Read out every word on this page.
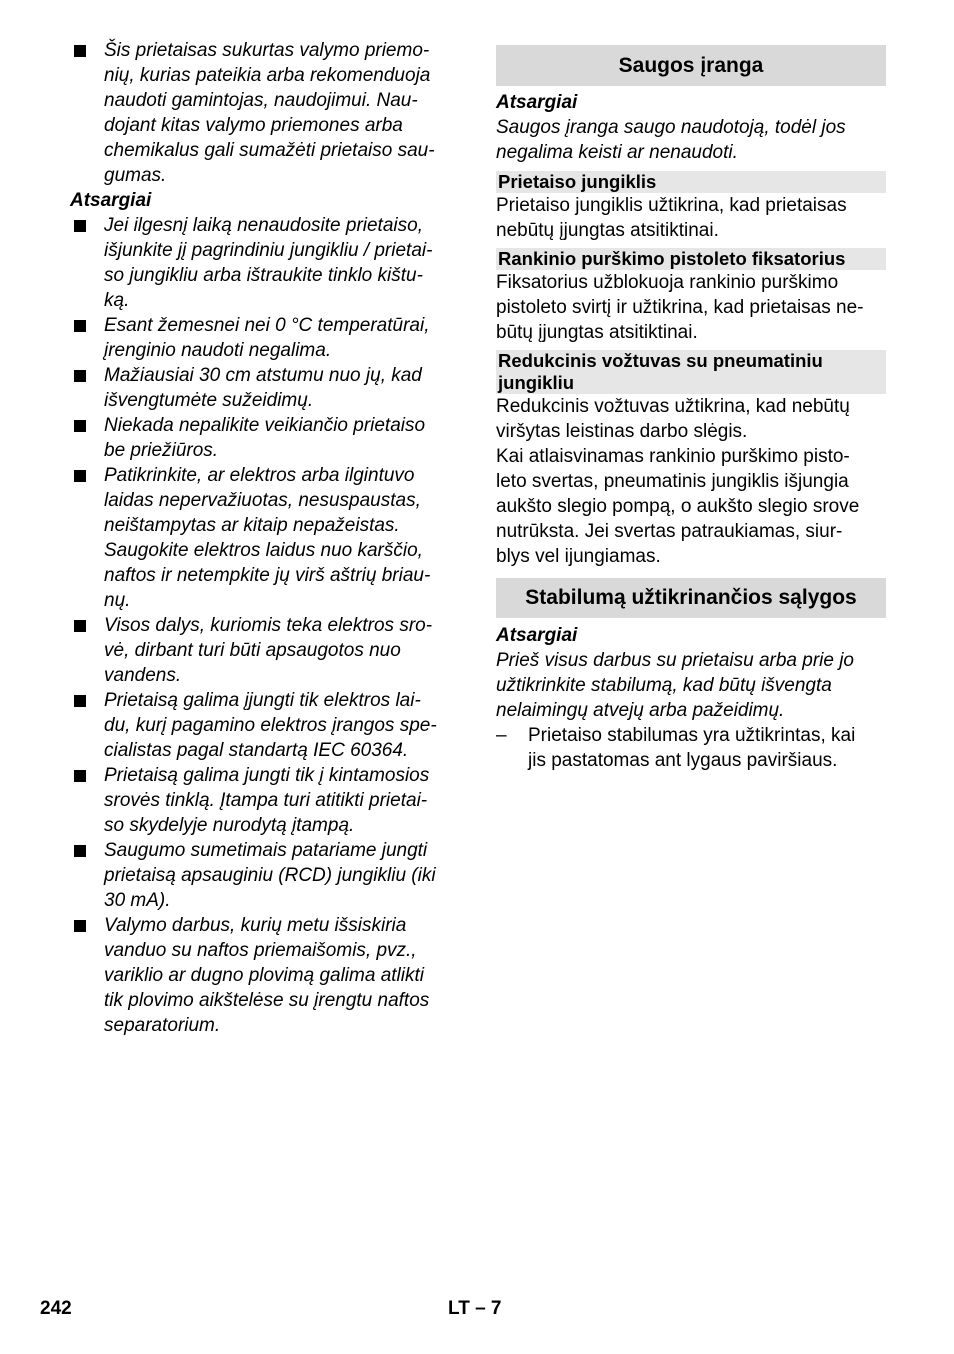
Šis prietaisas sukurtas valymo priemo-
nių, kurias pateikia arba rekomenduoja
naudoti gamintojas, naudojimui. Nau-
dojant kitas valymo priemones arba
chemikalus gali sumažėti prietaiso sau-
gumas.
Atsargiai
Jei ilgesnį laiką nenaudosite prietaiso,
išjunkite jį pagrindiniu jungikliu / prietai-
so jungikliu arba ištraukite tinklo kištu-
ką.
Esant žemesnei nei 0 °C temperatūrai,
įrenginio naudoti negalima.
Mažiausiai 30 cm atstumu nuo jų, kad
išvengtumėte sužeidimų.
Niekada nepalikite veikiančio prietaiso
be priežiūros.
Patikrinkite, ar elektros arba ilgintuvo
laidas nepervažiuotas, nesuspaustas,
neištampytas ar kitaip nepažeistas.
Saugokite elektros laidus nuo karščio,
naftos ir netempkite jų virš aštrių briau-
nų.
Visos dalys, kuriomis teka elektros sro-
vė, dirbant turi būti apsaugotos nuo
vandens.
Prietaisą galima įjungti tik elektros lai-
du, kurį pagamino elektros įrangos spe-
cialistas pagal standartą IEC 60364.
Prietaisą galima jungti tik į kintamosios
srovės tinklą. Įtampa turi atitikti prietai-
so skydelyje nurodytą įtampą.
Saugumo sumetimais patariame jungti
prietaisą apsauginiu (RCD) jungikliu (iki
30 mA).
Valymo darbus, kurių metu išsiskiria
vanduo su naftos priemaišomis, pvz.,
variklio ar dugno plovimą galima atlikti
tik plovimo aikštelėse su įrengtu naftos
separatorium.
Saugos įranga
Atsargiai
Saugos įranga saugo naudotoją, todėl jos
negalima keisti ar nenaudoti.
Prietaiso jungiklis
Prietaiso jungiklis užtikrina, kad prietaisas
nebūtų įjungtas atsitiktinai.
Rankinio purškimo pistoleto fiksatorius
Fiksatorius užblokuoja rankinio purškimo
pistoleto svirtį ir užtikrina, kad prietaisas ne-
būtų įjungtas atsitiktinai.
Redukcinis vožtuvas su pneumatiniu
jungikliu
Redukcinis vožtuvas užtikrina, kad nebūtų
viršytas leistinas darbo slėgis.
Kai atlaisvinamas rankinio purškimo pisto-
leto svertas, pneumatinis jungiklis išjungia
aukšto slegio pompą, o aukšto slegio srove
nutrūksta. Jei svertas patraukiamas, siur-
blys vel ijungiamas.
Stabilumą užtikrinančios sąlygos
Atsargiai
Prieš visus darbus su prietaisu arba prie jo
užtikrinkite stabilumą, kad būtų išvengta
nelaimingų atvejų arba pažeidimų.
– Prietaiso stabilumas yra užtikrintas, kai
jis pastatomas ant lygaus paviršiaus.
242	LT – 7
